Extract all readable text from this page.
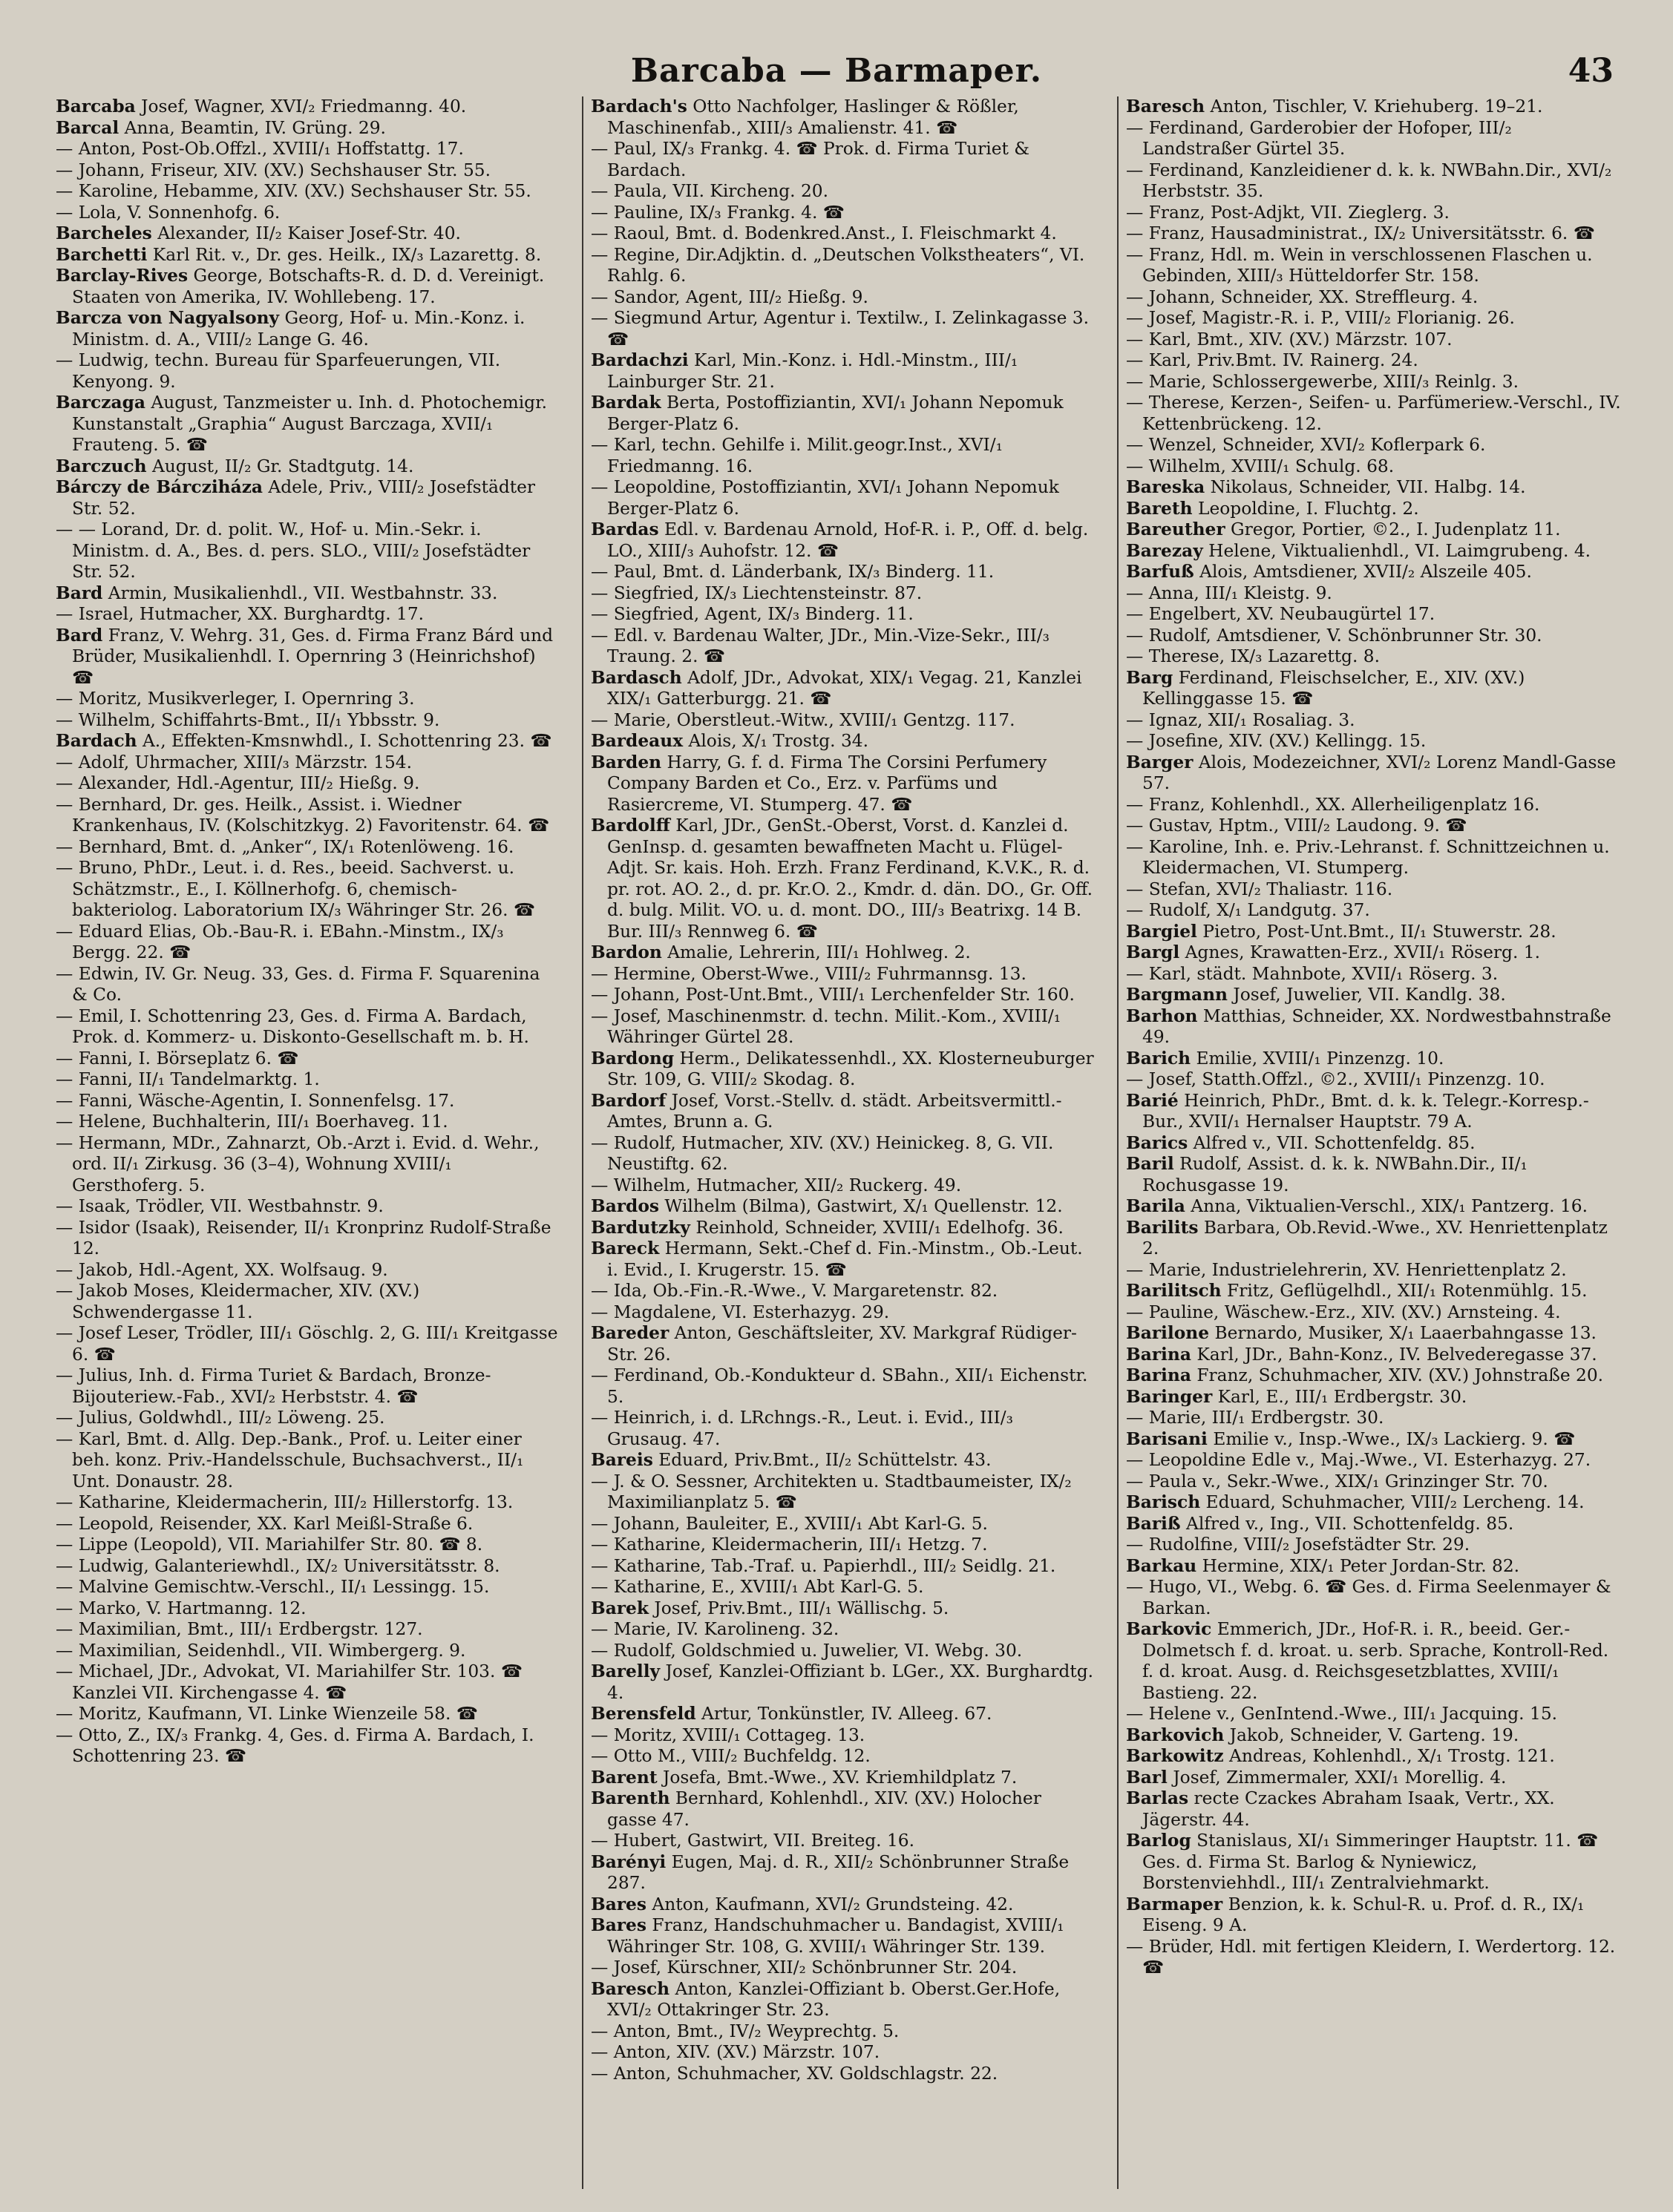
Barcaba — Barmaper.	43
Barcaba Josef, Wagner, XVI/₂ Friedmanng. 40.
Barcal Anna, Beamtin, IV. Grüng. 29.
— Anton, Post-Ob.Offzl., XVIII/₁ Hoffstattg. 17.
— Johann, Friseur, XIV. (XV.) Sechshauser Str. 55.
— Karoline, Hebamme, XIV. (XV.) Sechshauser Str. 55.
— Lola, V. Sonnenhofg. 6.
Barcheles Alexander, II/₂ Kaiser Josef-Str. 40.
Barchetti Karl Rit. v., Dr. ges. Heilk., IX/₃ Lazarettg. 8.
Barclay-Rives George, Botschafts-R. d. D. d. Vereinigt. Staaten von Amerika, IV. Wohllebeng. 17.
Barcza von Nagyalsony Georg, Hof- u. Min.-Konz. i. Ministm. d. A., VIII/₂ Lange G. 46.
— Ludwig, techn. Bureau für Sparfeuerungen, VII. Kenyong. 9.
Barczaga August, Tanzmeister u. Inh. d. Photochemigr. Kunstanstalt „Graphia“ August Barczaga, XVII/₁ Frauteng. 5. ☎
Barczuch August, II/₂ Gr. Stadtgutg. 14.
Bárczy de Bárcziháza Adele, Priv., VIII/₂ Josefstädter Str. 52.
— — Lorand, Dr. d. polit. W., Hof- u. Min.-Sekr. i. Ministm. d. A., Bes. d. pers. SLO., VIII/₂ Josefstädter Str. 52.
Bard Armin, Musikalienhdl., VII. Westbahnstr. 33.
— Israel, Hutmacher, XX. Burghardtg. 17.
Bard Franz, V. Wehrg. 31, Ges. d. Firma Franz Bárd und Brüder, Musikalienhdl. I. Opernring 3 (Heinrichshof) ☎
— Moritz, Musikverleger, I. Opernring 3.
— Wilhelm, Schiffahrts-Bmt., II/₁ Ybbsstr. 9.
Bardach A., Effekten-Kmsnwhdl., I. Schottenring 23. ☎
— Adolf, Uhrmacher, XIII/₃ Märzstr. 154.
— Alexander, Hdl.-Agentur, III/₂ Hießg. 9.
— Bernhard, Dr. ges. Heilk., Assist. i. Wiedner Krankenhaus, IV. (Kolschitzkyg. 2) Favoritenstr. 64. ☎
— Bernhard, Bmt. d. „Anker“, IX/₁ Rotenlöweng. 16.
— Bruno, PhDr., Leut. i. d. Res., beeid. Sachverst. u. Schätzmstr., E., I. Köllnerhofg. 6, chemisch-bakteriolog. Laboratorium IX/₃ Währinger Str. 26. ☎
— Eduard Elias, Ob.-Bau-R. i. EBahn.-Minstm., IX/₃ Bergg. 22. ☎
— Edwin, IV. Gr. Neug. 33, Ges. d. Firma F. Squarenina & Co.
— Emil, I. Schottenring 23, Ges. d. Firma A. Bardach, Prok. d. Kommerz- u. Diskonto-Gesellschaft m. b. H.
— Fanni, I. Börseplatz 6. ☎
— Fanni, II/₁ Tandelmarktg. 1.
— Fanni, Wäsche-Agentin, I. Sonnenfelsg. 17.
— Helene, Buchhalterin, III/₁ Boerhaveg. 11.
— Hermann, MDr., Zahnarzt, Ob.-Arzt i. Evid. d. Wehr., ord. II/₁ Zirkusg. 36 (3–4), Wohnung XVIII/₁ Gersthoferg. 5.
— Isaak, Trödler, VII. Westbahnstr. 9.
— Isidor (Isaak), Reisender, II/₁ Kronprinz Rudolf-Straße 12.
— Jakob, Hdl.-Agent, XX. Wolfsaug. 9.
— Jakob Moses, Kleidermacher, XIV. (XV.) Schwendergasse 11.
— Josef Leser, Trödler, III/₁ Göschlg. 2, G. III/₁ Kreitgasse 6. ☎
— Julius, Inh. d. Firma Turiet & Bardach, Bronze-Bijouteriew.-Fab., XVI/₂ Herbststr. 4. ☎
— Julius, Goldwhdl., III/₂ Löweng. 25.
— Karl, Bmt. d. Allg. Dep.-Bank., Prof. u. Leiter einer beh. konz. Priv.-Handelsschule, Buchsachverst., II/₁ Unt. Donaustr. 28.
— Katharine, Kleidermacherin, III/₂ Hillerstorfg. 13.
— Leopold, Reisender, XX. Karl Meißl-Straße 6.
— Lippe (Leopold), VII. Mariahilfer Str. 80. ☎ 8.
— Ludwig, Galanteriewhdl., IX/₂ Universitätsstr. 8.
— Malvine Gemischtw.-Verschl., II/₁ Lessingg. 15.
— Marko, V. Hartmanng. 12.
— Maximilian, Bmt., III/₁ Erdbergstr. 127.
— Maximilian, Seidenhdl., VII. Wimbergerg. 9.
— Michael, JDr., Advokat, VI. Mariahilfer Str. 103. ☎ Kanzlei VII. Kirchengasse 4. ☎
— Moritz, Kaufmann, VI. Linke Wienzeile 58. ☎
— Otto, Z., IX/₃ Frankg. 4, Ges. d. Firma A. Bardach, I. Schottenring 23. ☎
Bardach's Otto Nachfolger, Haslinger & Rößler, Maschinenfab., XIII/₃ Amalienstr. 41. ☎
— Paul, IX/₃ Frankg. 4. ☎ Prok. d. Firma Turiet & Bardach.
— Paula, VII. Kircheng. 20.
— Pauline, IX/₃ Frankg. 4. ☎
— Raoul, Bmt. d. Bodenkred.Anst., I. Fleischmarkt 4.
— Regine, Dir.Adjktin. d. „Deutschen Volkstheaters“, VI. Rahlg. 6.
— Sandor, Agent, III/₂ Hießg. 9.
— Siegmund Artur, Agentur i. Textilw., I. Zelinkagasse 3. ☎
Bardachzi Karl, Min.-Konz. i. Hdl.-Minstm., III/₁ Lainburger Str. 21.
Bardak Berta, Postoffiziantin, XVI/₁ Johann Nepomuk Berger-Platz 6.
— Karl, techn. Gehilfe i. Milit.geogr.Inst., XVI/₁ Friedmanng. 16.
— Leopoldine, Postoffiziantin, XVI/₁ Johann Nepomuk Berger-Platz 6.
Bardas Edl. v. Bardenau Arnold, Hof-R. i. P., Off. d. belg. LO., XIII/₃ Auhofstr. 12. ☎
— Paul, Bmt. d. Länderbank, IX/₃ Binderg. 11.
— Siegfried, IX/₃ Liechtensteinstr. 87.
— Siegfried, Agent, IX/₃ Binderg. 11.
— Edl. v. Bardenau Walter, JDr., Min.-Vize-Sekr., III/₃ Traung. 2. ☎
Bardasch Adolf, JDr., Advokat, XIX/₁ Vegag. 21, Kanzlei XIX/₁ Gatterburgg. 21. ☎
— Marie, Oberstleut.-Witw., XVIII/₁ Gentzg. 117.
Bardeaux Alois, X/₁ Trostg. 34.
Barden Harry, G. f. d. Firma The Corsini Perfumery Company Barden et Co., Erz. v. Parfüms und Rasiercreme, VI. Stumperg. 47. ☎
Bardolff Karl, JDr., GenSt.-Oberst, Vorst. d. Kanzlei d. GenInsp. d. gesamten bewaffneten Macht u. Flügel-Adjt. Sr. kais. Hoh. Erzh. Franz Ferdinand, K.V.K., R. d. pr. rot. AO. 2., d. pr. Kr.O. 2., Kmdr. d. dän. DO., Gr. Off. d. bulg. Milit. VO. u. d. mont. DO., III/₃ Beatrixg. 14 B. Bur. III/₃ Rennweg 6. ☎
Bardon Amalie, Lehrerin, III/₁ Hohlweg. 2.
— Hermine, Oberst-Wwe., VIII/₂ Fuhrmannsg. 13.
— Johann, Post-Unt.Bmt., VIII/₁ Lerchenfelder Str. 160.
— Josef, Maschinenmstr. d. techn. Milit.-Kom., XVIII/₁ Währinger Gürtel 28.
Bardong Herm., Delikatessenhdl., XX. Klosterneuburger Str. 109, G. VIII/₂ Skodag. 8.
Bardorf Josef, Vorst.-Stellv. d. städt. Arbeitsvermittl.-Amtes, Brunn a. G.
— Rudolf, Hutmacher, XIV. (XV.) Heinickeg. 8, G. VII. Neustiftg. 62.
— Wilhelm, Hutmacher, XII/₂ Ruckerg. 49.
Bardos Wilhelm (Bilma), Gastwirt, X/₁ Quellenstr. 12.
Bardutzky Reinhold, Schneider, XVIII/₁ Edelhofg. 36.
Bareck Hermann, Sekt.-Chef d. Fin.-Minstm., Ob.-Leut. i. Evid., I. Krugerstr. 15. ☎
— Ida, Ob.-Fin.-R.-Wwe., V. Margaretenstr. 82.
— Magdalene, VI. Esterhazyg. 29.
Bareder Anton, Geschäftsleiter, XV. Markgraf Rüdiger-Str. 26.
— Ferdinand, Ob.-Kondukteur d. SBahn., XII/₁ Eichenstr. 5.
— Heinrich, i. d. LRchngs.-R., Leut. i. Evid., III/₃ Grusaug. 47.
Bareis Eduard, Priv.Bmt., II/₂ Schüttelstr. 43.
— J. & O. Sessner, Architekten u. Stadtbaumeister, IX/₂ Maximilianplatz 5. ☎
— Johann, Bauleiter, E., XVIII/₁ Abt Karl-G. 5.
— Katharine, Kleidermacherin, III/₁ Hetzg. 7.
— Katharine, Tab.-Traf. u. Papierhdl., III/₂ Seidlg. 21.
— Katharine, E., XVIII/₁ Abt Karl-G. 5.
Barek Josef, Priv.Bmt., III/₁ Wällischg. 5.
— Marie, IV. Karolineng. 32.
— Rudolf, Goldschmied u. Juwelier, VI. Webg. 30.
Barelly Josef, Kanzlei-Offiziant b. LGer., XX. Burghardtg. 4.
Berensfeld Artur, Tonkünstler, IV. Alleeg. 67.
— Moritz, XVIII/₁ Cottageg. 13.
— Otto M., VIII/₂ Buchfeldg. 12.
Barent Josefa, Bmt.-Wwe., XV. Kriemhildplatz 7.
Barenth Bernhard, Kohlenhdl., XIV. (XV.) Holocher gasse 47.
— Hubert, Gastwirt, VII. Breiteg. 16.
Barényi Eugen, Maj. d. R., XII/₂ Schönbrunner Straße 287.
Bares Anton, Kaufmann, XVI/₂ Grundsteing. 42.
Bares Franz, Handschuhmacher u. Bandagist, XVIII/₁ Währinger Str. 108, G. XVIII/₁ Währinger Str. 139.
— Josef, Kürschner, XII/₂ Schönbrunner Str. 204.
Baresch Anton, Kanzlei-Offiziant b. Oberst.Ger.Hofe, XVI/₂ Ottakringer Str. 23.
— Anton, Bmt., IV/₂ Weyprechtg. 5.
— Anton, XIV. (XV.) Märzstr. 107.
— Anton, Schuhmacher, XV. Goldschlagstr. 22.
Baresch Anton, Tischler, V. Kriehuberg. 19–21.
— Ferdinand, Garderobier der Hofoper, III/₂ Landstraßer Gürtel 35.
— Ferdinand, Kanzleidiener d. k. k. NWBahn.Dir., XVI/₂ Herbststr. 35.
— Franz, Post-Adjkt, VII. Zieglerg. 3.
— Franz, Hausadministrat., IX/₂ Universitätsstr. 6. ☎
— Franz, Hdl. m. Wein in verschlossenen Flaschen u. Gebinden, XIII/₃ Hütteldorfer Str. 158.
— Johann, Schneider, XX. Streffleurg. 4.
— Josef, Magistr.-R. i. P., VIII/₂ Florianig. 26.
— Karl, Bmt., XIV. (XV.) Märzstr. 107.
— Karl, Priv.Bmt. IV. Rainerg. 24.
— Marie, Schlossergewerbe, XIII/₃ Reinlg. 3.
— Therese, Kerzen-, Seifen- u. Parfümeriew.-Verschl., IV. Kettenbrückeng. 12.
— Wenzel, Schneider, XVI/₂ Koflerpark 6.
— Wilhelm, XVIII/₁ Schulg. 68.
Bareska Nikolaus, Schneider, VII. Halbg. 14.
Bareth Leopoldine, I. Fluchtg. 2.
Bareuther Gregor, Portier, ©2., I. Judenplatz 11.
Barezay Helene, Viktualienhdl., VI. Laimgrubeng. 4.
Barfuß Alois, Amtsdiener, XVII/₂ Alszeile 405.
— Anna, III/₁ Kleistg. 9.
— Engelbert, XV. Neubaugürtel 17.
— Rudolf, Amtsdiener, V. Schönbrunner Str. 30.
— Therese, IX/₃ Lazarettg. 8.
Barg Ferdinand, Fleischselcher, E., XIV. (XV.) Kellinggasse 15. ☎
— Ignaz, XII/₁ Rosaliag. 3.
— Josefine, XIV. (XV.) Kellingg. 15.
Barger Alois, Modezeichner, XVI/₂ Lorenz Mandl-Gasse 57.
— Franz, Kohlenhdl., XX. Allerheiligenplatz 16.
— Gustav, Hptm., VIII/₂ Laudong. 9. ☎
— Karoline, Inh. e. Priv.-Lehranst. f. Schnittzeichnen u. Kleidermachen, VI. Stumperg.
— Stefan, XVI/₂ Thaliastr. 116.
— Rudolf, X/₁ Landgutg. 37.
Bargiel Pietro, Post-Unt.Bmt., II/₁ Stuwerstr. 28.
Bargl Agnes, Krawatten-Erz., XVII/₁ Röserg. 1.
— Karl, städt. Mahnbote, XVII/₁ Röserg. 3.
Bargmann Josef, Juwelier, VII. Kandlg. 38.
Barhon Matthias, Schneider, XX. Nordwestbahnstraße 49.
Barich Emilie, XVIII/₁ Pinzenzg. 10.
— Josef, Statth.Offzl., ©2., XVIII/₁ Pinzenzg. 10.
Barié Heinrich, PhDr., Bmt. d. k. k. Telegr.-Korresp.-Bur., XVII/₁ Hernalser Hauptstr. 79 A.
Barics Alfred v., VII. Schottenfeldg. 85.
Baril Rudolf, Assist. d. k. k. NWBahn.Dir., II/₁ Rochusgasse 19.
Barila Anna, Viktualien-Verschl., XIX/₁ Pantzerg. 16.
Barilits Barbara, Ob.Revid.-Wwe., XV. Henriettenplatz 2.
— Marie, Industrielehrerin, XV. Henriettenplatz 2.
Barilitsch Fritz, Geflügelhdl., XII/₁ Rotenmühlg. 15.
— Pauline, Wäschew.-Erz., XIV. (XV.) Arnsteing. 4.
Barilone Bernardo, Musiker, X/₁ Laaerbahngasse 13.
Barina Karl, JDr., Bahn-Konz., IV. Belvederegasse 37.
Barina Franz, Schuhmacher, XIV. (XV.) Johnstraße 20.
Baringer Karl, E., III/₁ Erdbergstr. 30.
— Marie, III/₁ Erdbergstr. 30.
Barisani Emilie v., Insp.-Wwe., IX/₃ Lackierg. 9. ☎
— Leopoldine Edle v., Maj.-Wwe., VI. Esterhazyg. 27.
— Paula v., Sekr.-Wwe., XIX/₁ Grinzinger Str. 70.
Barisch Eduard, Schuhmacher, VIII/₂ Lercheng. 14.
Bariß Alfred v., Ing., VII. Schottenfeldg. 85.
— Rudolfine, VIII/₂ Josefstädter Str. 29.
Barkau Hermine, XIX/₁ Peter Jordan-Str. 82.
— Hugo, VI., Webg. 6. ☎ Ges. d. Firma Seelenmayer & Barkan.
Barkovic Emmerich, JDr., Hof-R. i. R., beeid. Ger.-Dolmetsch f. d. kroat. u. serb. Sprache, Kontroll-Red. f. d. kroat. Ausg. d. Reichsgesetzblattes, XVIII/₁ Bastieng. 22.
— Helene v., GenIntend.-Wwe., III/₁ Jacquing. 15.
Barkovich Jakob, Schneider, V. Garteng. 19.
Barkowitz Andreas, Kohlenhdl., X/₁ Trostg. 121.
Barl Josef, Zimmermaler, XXI/₁ Morellig. 4.
Barlas recte Czackes Abraham Isaak, Vertr., XX. Jägerstr. 44.
Barlog Stanislaus, XI/₁ Simmeringer Hauptstr. 11. ☎ Ges. d. Firma St. Barlog & Nyniewicz, Borstenviehhdl., III/₁ Zentralviehmarkt.
Barmaper Benzion, k. k. Schul-R. u. Prof. d. R., IX/₁ Eiseng. 9 A.
— Brüder, Hdl. mit fertigen Kleidern, I. Werdertorg. 12. ☎
